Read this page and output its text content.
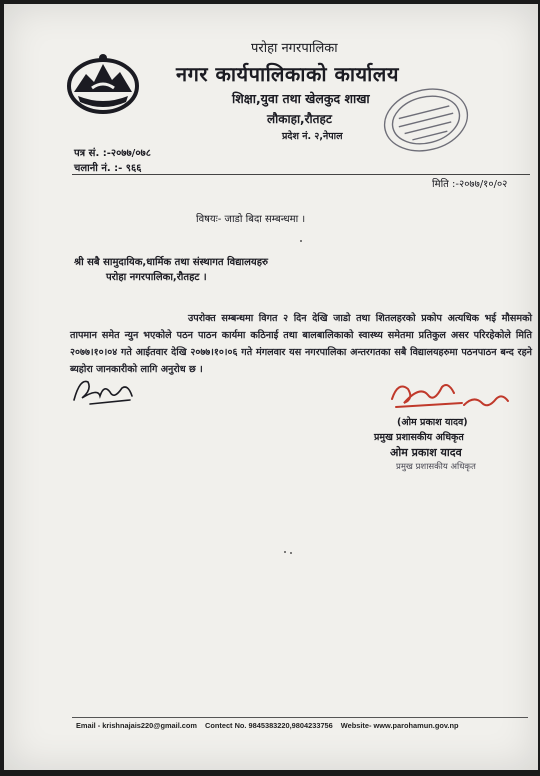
परोहा नगरपालिका
नगर कार्यपालिकाको कार्यालय
शिक्षा,युवा तथा खेलकुद शाखा
लौकाहा,रौतहट
प्रदेश नं. २,नेपाल
पत्र सं. :-२०७७/०७८
चलानी नं. :- ९६६
मिति :-२०७७/१०/०२
विषयः- जाडो बिदा सम्बन्धमा ।
श्री सबै सामुदायिक,धार्मिक तथा संस्थागत विद्यालयहरु
परोहा नगरपालिका,रौतहट ।
उपरोक्त सम्बन्धमा विगत २ दिन देखि जाडो तथा शितलहरको प्रकोप अत्यधिक भई मौसमको तापमान समेत न्युन भएकोले पठन पाठन कार्यमा कठिनाई तथा बालबालिकाको स्वास्थ्य समेतमा प्रतिकुल असर परिरहेकोले मिति २०७७।१०।०४ गते आईतवार देखि २०७७।१०।०६ गते मंगलवार यस नगरपालिका अन्तरगतका सबै विद्यालयहरुमा पठनपाठन बन्द रहने ब्यहोरा जानकारीको लागि अनुरोध छ ।
(ओम प्रकाश यादव)
प्रमुख प्रशासकीय अधिकृत
ओम प्रकाश यादव
प्रमुख प्रशासकीय अधिकृत
Email - krishnajais220@gmail.com Contect No. 9845383220,9804233756 Website- www.parohamun.gov.np
